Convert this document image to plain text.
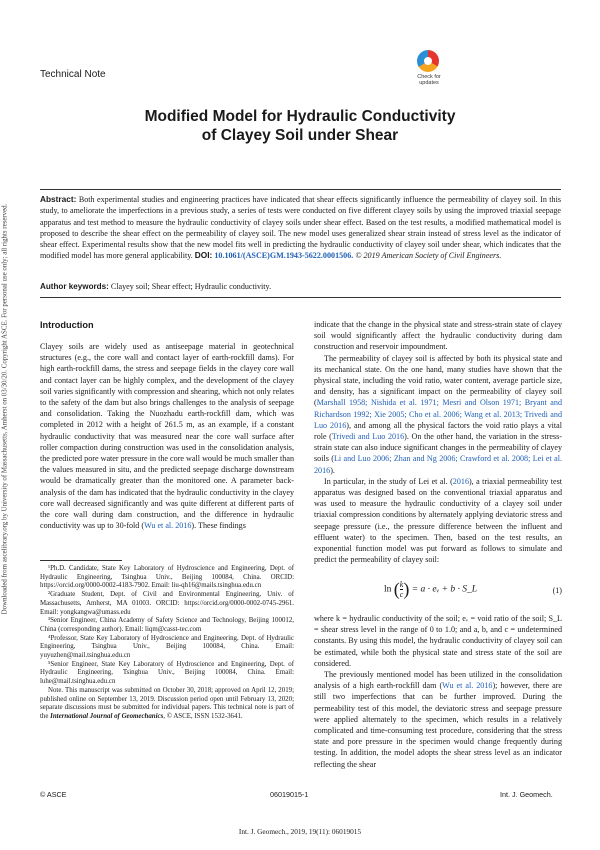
Downloaded from ascelibrary.org by University of Massachusetts, Amherst on 03/30/20. Copyright ASCE. For personal use only; all rights reserved.
Technical Note	Check for
updates
Modified Model for Hydraulic Conductivity
of Clayey Soil under Shear
Abstract: Both experimental studies and engineering practices have indicated that shear effects significantly influence the permeability of clayey soil. In this study, to ameliorate the imperfections in a previous study, a series of tests were conducted on five different clayey soils by using the improved triaxial seepage apparatus and test method to measure the hydraulic conductivity of clayey soils under shear effect. Based on the test results, a modified mathematical model is proposed to describe the shear effect on the permeability of clayey soil. The new model uses generalized shear strain instead of stress level as the indicator of shear effect. Experimental results show that the new model fits well in predicting the hydraulic conductivity of clayey soil under shear, which indicates that the modified model has more general applicability. DOI: 10.1061/(ASCE)GM.1943-5622.0001506. © 2019 American Society of Civil Engineers.
Author keywords: Clayey soil; Shear effect; Hydraulic conductivity.
Introduction

Clayey soils are widely used as antiseepage material in geotechnical structures (e.g., the core wall and contact layer of earth-rockfill dams). For high earth-rockfill dams, the stress and seepage fields in the clayey core wall and contact layer can be highly complex, and the development of the clayey soil varies significantly with compression and shearing, which not only relates to the safety of the dam but also brings challenges to the analysis of seepage and consolidation. Taking the Nuozhadu earth-rockfill dam, which was completed in 2012 with a height of 261.5 m, as an example, if a constant hydraulic conductivity that was measured near the core wall surface after roller compaction during construction was used in the consolidation analysis, the predicted pore water pressure in the core wall would be much smaller than the values measured in situ, and the predicted seepage discharge downstream would be dramatically greater than the monitored one. A parameter back-analysis of the dam has indicated that the hydraulic conductivity in the clayey core wall decreased significantly and was quite different at different parts of the core wall during dam construction, and the difference in hydraulic conductivity was up to 30-fold (Wu et al. 2016). These findings

¹Ph.D. Candidate, State Key Laboratory of Hydroscience and Engineering, Dept. of Hydraulic Engineering, Tsinghua Univ., Beijing 100084, China. ORCID: https://orcid.org/0000-0002-4183-7902. Email: liu-qh16@mails.tsinghua.edu.cn

²Graduate Student, Dept. of Civil and Environmental Engineering, Univ. of Massachusetts, Amherst, MA 01003. ORCID: https://orcid.org/0000-0002-0745-2961. Email: yongkangwa@umass.edu

³Senior Engineer, China Academy of Safety Science and Technology, Beijing 100012, China (corresponding author). Email: liqm@casst-tec.com

⁴Professor, State Key Laboratory of Hydroscience and Engineering, Dept. of Hydraulic Engineering, Tsinghua Univ., Beijing 100084, China. Email: yuyuzhen@mail.tsinghua.edu.cn

⁵Senior Engineer, State Key Laboratory of Hydroscience and Engineering, Dept. of Hydraulic Engineering, Tsinghua Univ., Beijing 100084, China. Email: luhe@mail.tsinghua.edu.cn

Note. This manuscript was submitted on October 30, 2018; approved on April 12, 2019; published online on September 13, 2019. Discussion period open until February 13, 2020; separate discussions must be submitted for individual papers. This technical note is part of the International Journal of Geomechanics, © ASCE, ISSN 1532-3641.

indicate that the change in the physical state and stress-strain state of clayey soil would significantly affect the hydraulic conductivity during dam construction and reservoir impoundment.

The permeability of clayey soil is affected by both its physical state and its mechanical state. On the one hand, many studies have shown that the physical state, including the void ratio, water content, average particle size, and density, has a significant impact on the permeability of clayey soil (Marshall 1958; Nishida et al. 1971; Mesri and Olson 1971; Bryant and Richardson 1992; Xie 2005; Cho et al. 2006; Wang et al. 2013; Trivedi and Luo 2016), and among all the physical factors the void ratio plays a vital role (Trivedi and Luo 2016). On the other hand, the variation in the stress-strain state can also induce significant changes in the permeability of clayey soils (Li and Luo 2006; Zhan and Ng 2006; Crawford et al. 2008; Lei et al. 2016).

In particular, in the study of Lei et al. (2016), a triaxial permeability test apparatus was designed based on the conventional triaxial apparatus and was used to measure the hydraulic conductivity of a clayey soil under triaxial compression conditions by alternately applying deviatoric stress and seepage pressure (i.e., the pressure difference between the influent and effluent water) to the specimen. Then, based on the test results, an exponential function model was put forward as follows to simulate and predict the permeability of clayey soil:

ln ( $\frac{k}{c}$ ) = a · eᵥ + b · S_L	(1)

where k = hydraulic conductivity of the soil; eᵥ = void ratio of the soil; S_L = shear stress level in the range of 0 to 1.0; and a, b, and c = undetermined constants. By using this model, the hydraulic conductivity of clayey soil can be estimated, while both the physical state and stress state of the soil are considered.

The previously mentioned model has been utilized in the consolidation analysis of a high earth-rockfill dam (Wu et al. 2016); however, there are still two imperfections that can be further improved. During the permeability test of this model, the deviatoric stress and seepage pressure were applied alternately to the specimen, which results in a relatively complicated and time-consuming test procedure, considering that the stress state and pore pressure in the specimen would change frequently during testing. In addition, the model adopts the shear stress level as an indicator reflecting the shear

© ASCE	06019015-1	Int. J. Geomech.
Int. J. Geomech., 2019, 19(11): 06019015
